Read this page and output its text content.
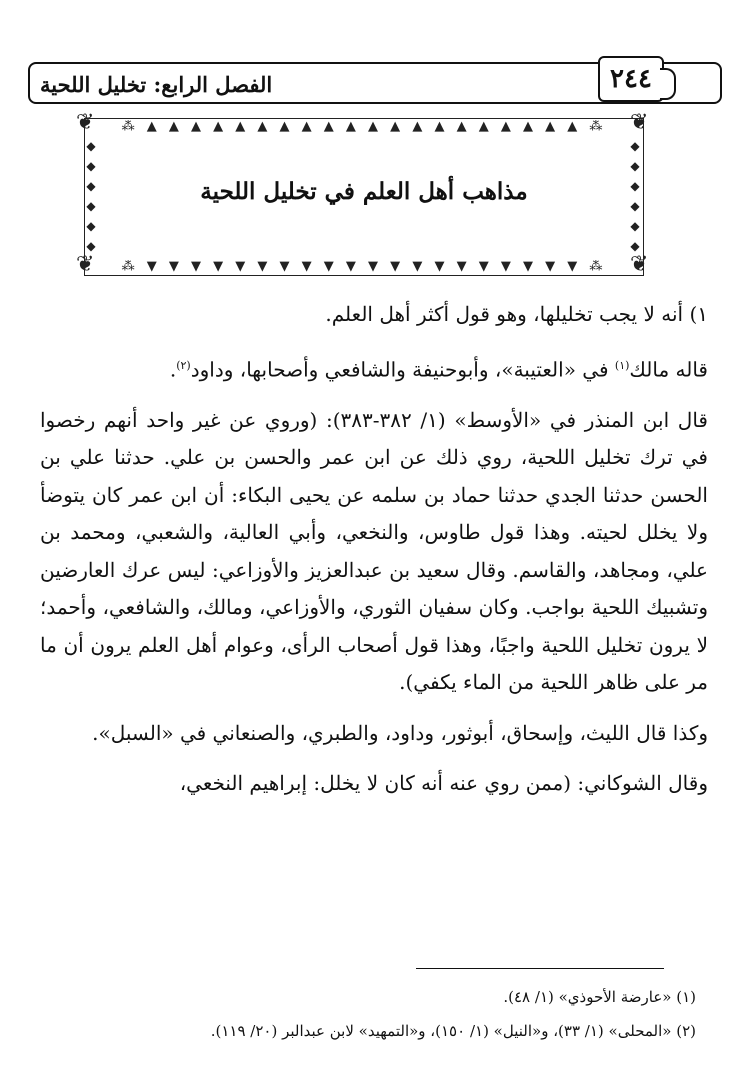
الفصل الرابع: تخليل اللحية	٢٤٤
⁂ ▲ ▲ ▲ ▲ ▲ ▲ ▲ ▲ ▲ ▲ ▲ ▲ ▲ ▲ ▲ ▲ ▲ ▲ ▲ ▲ ⁂
⁂ ▼ ▼ ▼ ▼ ▼ ▼ ▼ ▼ ▼ ▼ ▼ ▼ ▼ ▼ ▼ ▼ ▼ ▼ ▼ ▼ ⁂
◆ ◆ ◆ ◆ ◆ ◆
◆ ◆ ◆ ◆ ◆ ◆
❦	❦
❦	❦
مذاهب أهل العلم في تخليل اللحية

١) أنه لا يجب تخليلها، وهو قول أكثر أهل العلم.

قاله مالك$^{(١)}$ في «العتيبة»، وأبوحنيفة والشافعي وأصحابها، وداود$^{(٢)}$.

قال ابن المنذر في «الأوسط» (١/ ٣٨٢-٣٨٣): (وروي عن غير واحد أنهم رخصوا في ترك تخليل اللحية، روي ذلك عن ابن عمر والحسن بن علي. حدثنا علي بن الحسن حدثنا الجدي حدثنا حماد بن سلمه عن يحيى البكاء: أن ابن عمر كان يتوضأ ولا يخلل لحيته. وهذا قول طاوس، والنخعي، وأبي العالية، والشعبي، ومحمد بن علي، ومجاهد، والقاسم. وقال سعيد بن عبدالعزيز والأوزاعي: ليس عرك العارضين وتشبيك اللحية بواجب. وكان سفيان الثوري، والأوزاعي، ومالك، والشافعي، وأحمد؛ لا يرون تخليل اللحية واجبًا، وهذا قول أصحاب الرأى، وعوام أهل العلم يرون أن ما مر على ظاهر اللحية من الماء يكفي).

وكذا قال الليث، وإسحاق، أبوثور، وداود، والطبري، والصنعاني في «السبل».

وقال الشوكاني: (ممن روي عنه أنه كان لا يخلل: إبراهيم النخعي،

(١) «عارضة الأحوذي» (١/ ٤٨).

(٢) «المحلى» (١/ ٣٣)، و«النيل» (١/ ١٥٠)، و«التمهيد» لابن عبدالبر (٢٠/ ١١٩).
